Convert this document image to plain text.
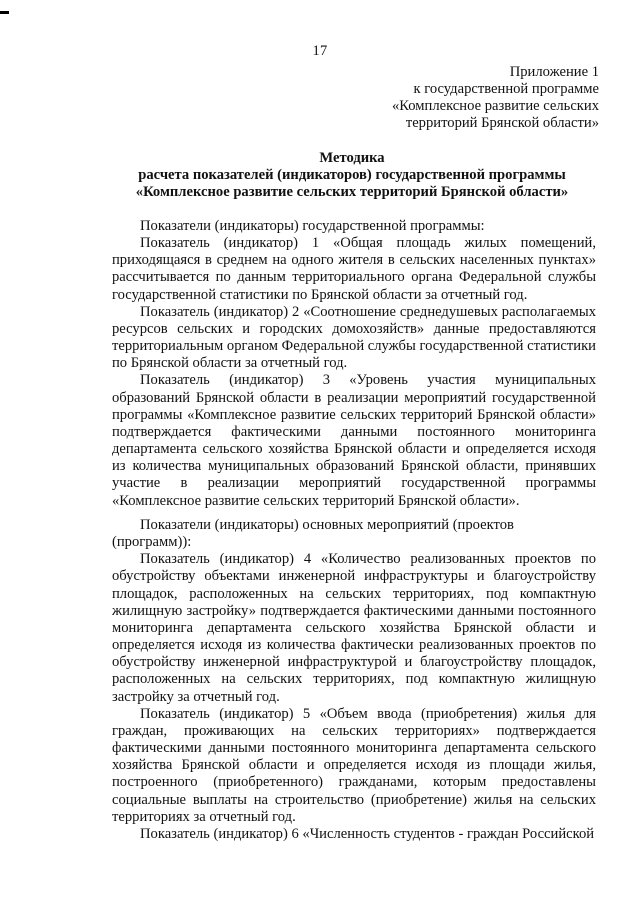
17
Приложение 1
к государственной программе
«Комплексное развитие сельских
территорий Брянской области»
Методика
расчета показателей (индикаторов) государственной программы
«Комплексное развитие сельских территорий Брянской области»

Показатели (индикаторы) государственной программы:

Показатель (индикатор) 1 «Общая площадь жилых помещений, приходящаяся в среднем на одного жителя в сельских населенных пунктах» рассчитывается по данным территориального органа Федеральной службы государственной статистики по Брянской области за отчетный год.

Показатель (индикатор) 2 «Соотношение среднедушевых располагаемых ресурсов сельских и городских домохозяйств» данные предоставляются территориальным органом Федеральной службы государственной статистики по Брянской области за отчетный год.

Показатель (индикатор) 3 «Уровень участия муниципальных образований Брянской области в реализации мероприятий государственной программы «Комплексное развитие сельских территорий Брянской области» подтверждается фактическими данными постоянного мониторинга департамента сельского хозяйства Брянской области и определяется исходя из количества муниципальных образований Брянской области, принявших участие в реализации мероприятий государственной программы «Комплексное развитие сельских территорий Брянской области».

Показатели (индикаторы) основных мероприятий (проектов (программ)):

Показатель (индикатор) 4 «Количество реализованных проектов по обустройству объектами инженерной инфраструктуры и благоустройству площадок, расположенных на сельских территориях, под компактную жилищную застройку» подтверждается фактическими данными постоянного мониторинга департамента сельского хозяйства Брянской области и определяется исходя из количества фактически реализованных проектов по обустройству инженерной инфраструктурой и благоустройству площадок, расположенных на сельских территориях, под компактную жилищную застройку за отчетный год.

Показатель (индикатор) 5 «Объем ввода (приобретения) жилья для граждан, проживающих на сельских территориях» подтверждается фактическими данными постоянного мониторинга департамента сельского хозяйства Брянской области и определяется исходя из площади жилья, построенного (приобретенного) гражданами, которым предоставлены социальные выплаты на строительство (приобретение) жилья на сельских территориях за отчетный год.

Показатель (индикатор) 6 «Численность студентов - граждан Российской
